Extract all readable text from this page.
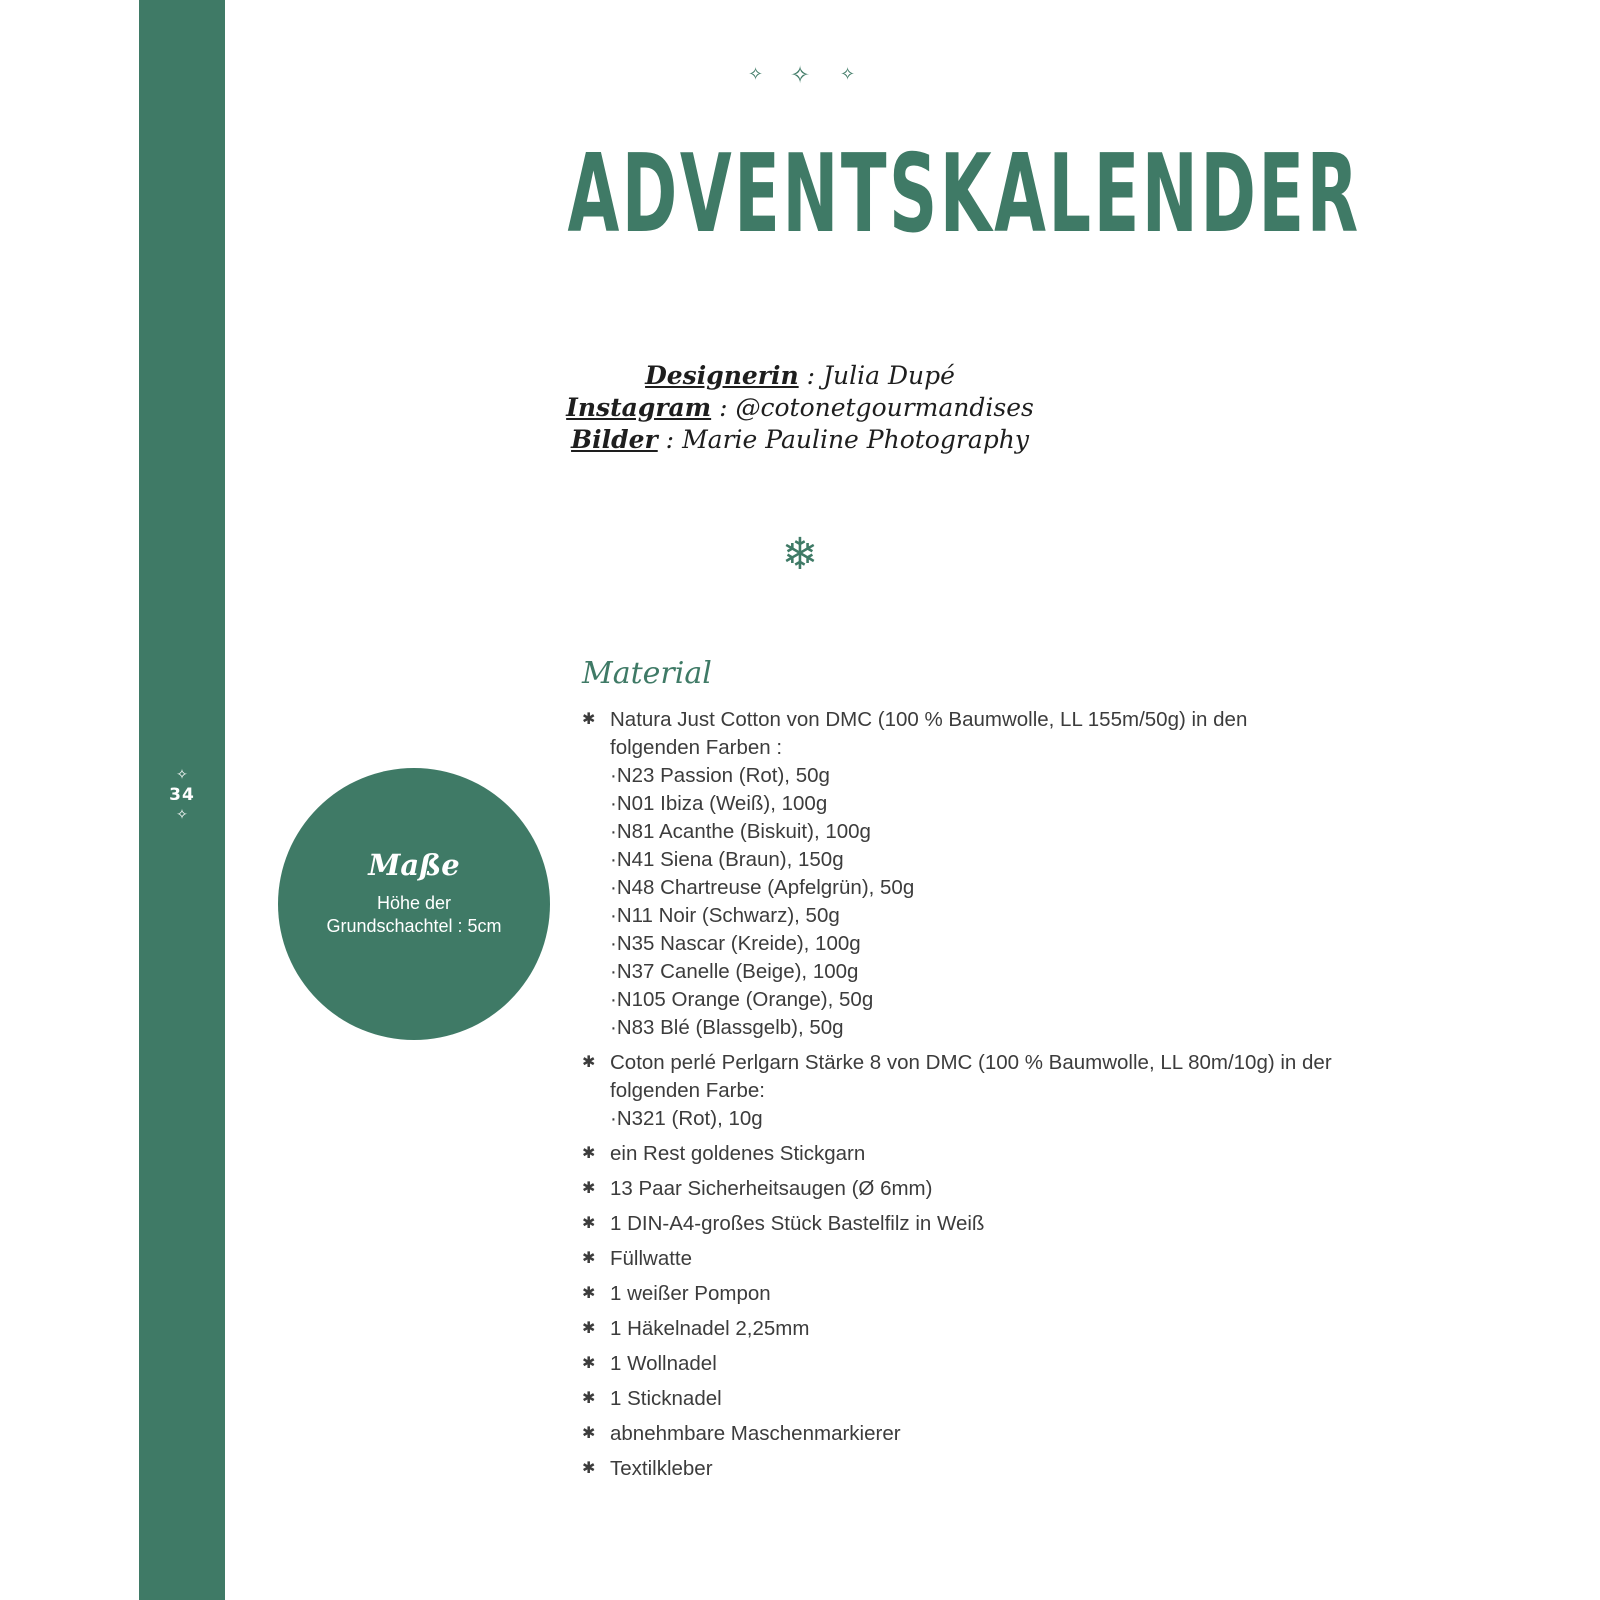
✧
34
✧
✧ ✧ ✧
ADVENTSKALENDER
Designerin : Julia Dupé
Instagram : @cotonetgourmandises
Bilder : Marie Pauline Photography
❄
Maße
Höhe der Grundschachtel : 5cm
Material
✱ Natura Just Cotton von DMC (100 % Baumwolle, LL 155m/50g) in den folgenden Farben :
·N23 Passion (Rot), 50g
·N01 Ibiza (Weiß), 100g
·N81 Acanthe (Biskuit), 100g
·N41 Siena (Braun), 150g
·N48 Chartreuse (Apfelgrün), 50g
·N11 Noir (Schwarz), 50g
·N35 Nascar (Kreide), 100g
·N37 Canelle (Beige), 100g
·N105 Orange (Orange), 50g
·N83 Blé (Blassgelb), 50g
✱ Coton perlé Perlgarn Stärke 8 von DMC (100 % Baumwolle, LL 80m/10g) in der folgenden Farbe:
·N321 (Rot), 10g
✱ ein Rest goldenes Stickgarn
✱ 13 Paar Sicherheitsaugen (Ø 6mm)
✱ 1 DIN-A4-großes Stück Bastelfilz in Weiß
✱ Füllwatte
✱ 1 weißer Pompon
✱ 1 Häkelnadel 2,25mm
✱ 1 Wollnadel
✱ 1 Sticknadel
✱ abnehmbare Maschenmarkierer
✱ Textilkleber
